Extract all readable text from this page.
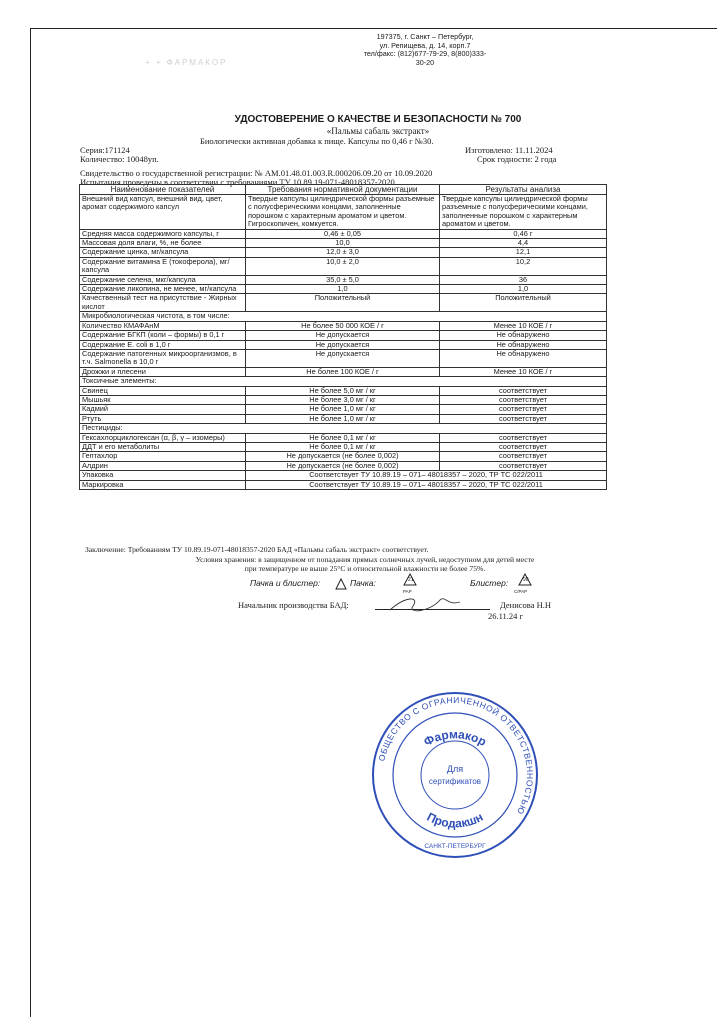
+ + ФАРМАКОР
197375, г. Санкт – Петербург,
ул. Репищева, д. 14, корп.7
тел/факс: (812)677-79-29, 8(800)333-
30-20
УДОСТОВЕРЕНИЕ О КАЧЕСТВЕ И БЕЗОПАСНОСТИ № 700
«Пальмы сабаль экстракт»
Биологически активная добавка к пище. Капсулы по 0,46 г №30.
Серия:171124	Изготовлено: 11.11.2024
Количество: 10048уп.	Срок годности: 2 года
Свидетельство о государственной регистрации: № AM.01.48.01.003.R.000206.09.20 от 10.09.2020
Испытания проведены в соответствии с требованиями ТУ 10.89.19-071-48018357-2020
Наименование показателей	Требования нормативной документации	Результаты анализа
Внешний вид капсул, внешний вид, цвет, аромат содержимого капсул	Твердые капсулы цилиндрической формы разъемные с полусферическими концами, заполненные порошком с характерным ароматом и цветом. Гигроскопичен, комкуется.	Твердые капсулы цилиндрической формы разъемные с полусферическими концами, заполненные порошком с характерным ароматом и цветом.
Средняя масса содержимого капсулы, г	0,46 ± 0,05	0,46 г
Массовая доля влаги, %, не более	10,0	4,4
Содержание цинка, мг/капсула	12,0 ± 3,0	12,1
Содержание витамина Е (токоферола), мг/капсула	10,0 ± 2,0	10,2
Содержание селена, мкг/капсула	35,0 ± 5,0	36
Содержание ликопина, не менее, мг/капсула	1,0	1,0
Качественный тест на присутствие - Жирных кислот	Положительный	Положительный
Микробиологическая чистота, в том числе:		
Количество КМАФАнМ	Не более 50 000 КОЕ / г	Менее 10 КОЕ / г
Содержание БГКП (коли – формы) в 0,1 г	Не допускается	Не обнаружено
Содержание E. coli в 1,0 г	Не допускается	Не обнаружено
Содержание патогенных микроорганизмов, в т.ч. Salmonella в 10,0 г	Не допускается	Не обнаружено
Дрожжи и плесени	Не более 100 КОЕ / г	Менее 10 КОЕ / г
Токсичные элементы:		
Свинец	Не более 5,0 мг / кг	соответствует
Мышьяк	Не более 3,0 мг / кг	соответствует
Кадмий	Не более 1,0 мг / кг	соответствует
Ртуть	Не более 1,0 мг / кг	соответствует
Пестициды:		
Гексахлорциклогексан (α, β, γ – изомеры)	Не более 0,1 мг / кг	соответствует
ДДТ и его метаболиты	Не более 0,1 мг / кг	соответствует
Гептахлор	Не допускается (не более 0,002)	соответствует
Алдрин	Не допускается (не более 0,002)	соответствует
Упаковка	Соответствует ТУ 10.89.19 – 071– 48018357 – 2020, ТР ТС 022/2011	
Маркировка	Соответствует ТУ 10.89.19 – 071– 48018357 – 2020, ТР ТС 022/2011	
Заключение: Требованиям ТУ 10.89.19-071-48018357-2020 БАД «Пальмы сабаль экстракт» соответствует.
Условия хранения: в защищенном от попадания прямых солнечных лучей, недоступном для детей месте
при температуре не выше 25°С и относительной влажности не более 75%.
Пачка и блистер:	Пачка:	21
PAP
Блистер:	90
C/PAP
Начальник производства БАД:	Денисова Н.Н
26.11.24 г
ОБЩЕСТВО С ОГРАНИЧЕННОЙ ОТВЕТСТВЕННОСТЬЮ
Фармакор
Продакшн
Для
сертификатов
САНКТ-ПЕТЕРБУРГ
